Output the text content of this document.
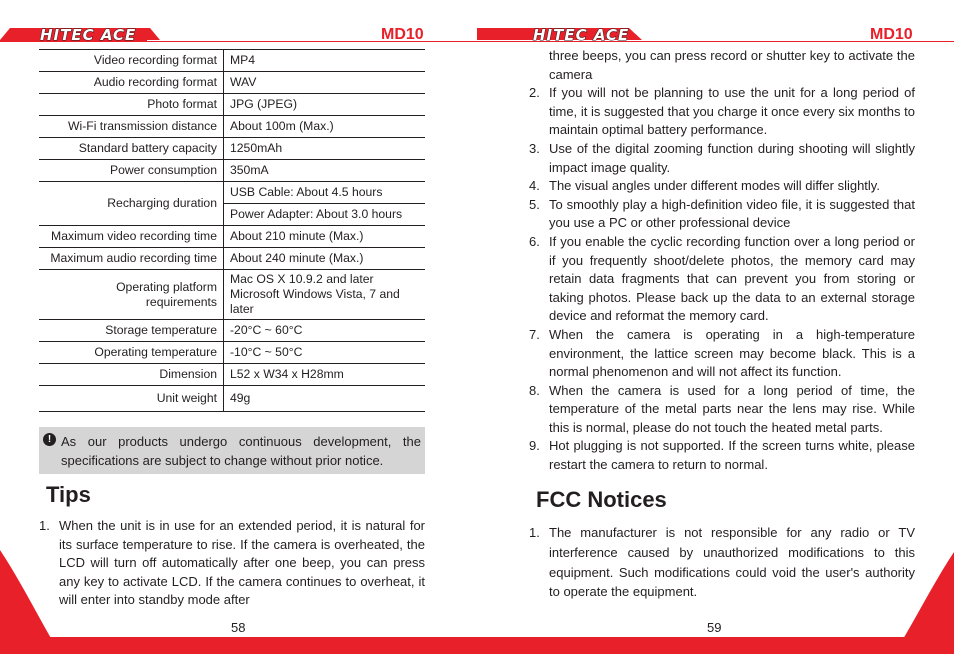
HITEC ACE	MD10
Video recording format	MP4
Audio recording format	WAV
Photo format	JPG (JPEG)
Wi-Fi transmission distance	About 100m (Max.)
Standard battery capacity	1250mAh
Power consumption	350mA
Recharging duration	USB Cable: About 4.5 hours
	Power Adapter: About 3.0 hours
Maximum video recording time	About 210 minute (Max.)
Maximum audio recording time	About 240 minute (Max.)
Operating platform requirements	Mac OS X 10.9.2 and later Microsoft Windows Vista, 7 and later
Storage temperature	-20°C ~ 60°C
Operating temperature	-10°C ~ 50°C
Dimension	L52 x W34 x H28mm
Unit weight	49g
! As our products undergo continuous development, the specifications are subject to change without prior notice.
Tips
1. When the unit is in use for an extended period, it is natural for its surface temperature to rise. If the camera is overheated, the LCD will turn off automatically after one beep, you can press any key to activate LCD. If the camera continues to overheat, it will enter into standby mode after
58
HITEC ACE	MD10
three beeps, you can press record or shutter key to activate the camera
2. If you will not be planning to use the unit for a long period of time, it is suggested that you charge it once every six months to maintain optimal battery performance.
3. Use of the digital zooming function during shooting will slightly impact image quality.
4. The visual angles under different modes will differ slightly.
5. To smoothly play a high-definition video file, it is suggested that you use a PC or other professional device
6. If you enable the cyclic recording function over a long period or if you frequently shoot/delete photos, the memory card may retain data fragments that can prevent you from storing or taking photos. Please back up the data to an external storage device and reformat the memory card.
7. When the camera is operating in a high-temperature environment, the lattice screen may become black. This is a normal phenomenon and will not affect its function.
8. When the camera is used for a long period of time, the temperature of the metal parts near the lens may rise. While this is normal, please do not touch the heated metal parts.
9. Hot plugging is not supported. If the screen turns white, please restart the camera to return to normal.
FCC Notices
1. The manufacturer is not responsible for any radio or TV interference caused by unauthorized modifications to this equipment. Such modifications could void the user's authority to operate the equipment.
59
